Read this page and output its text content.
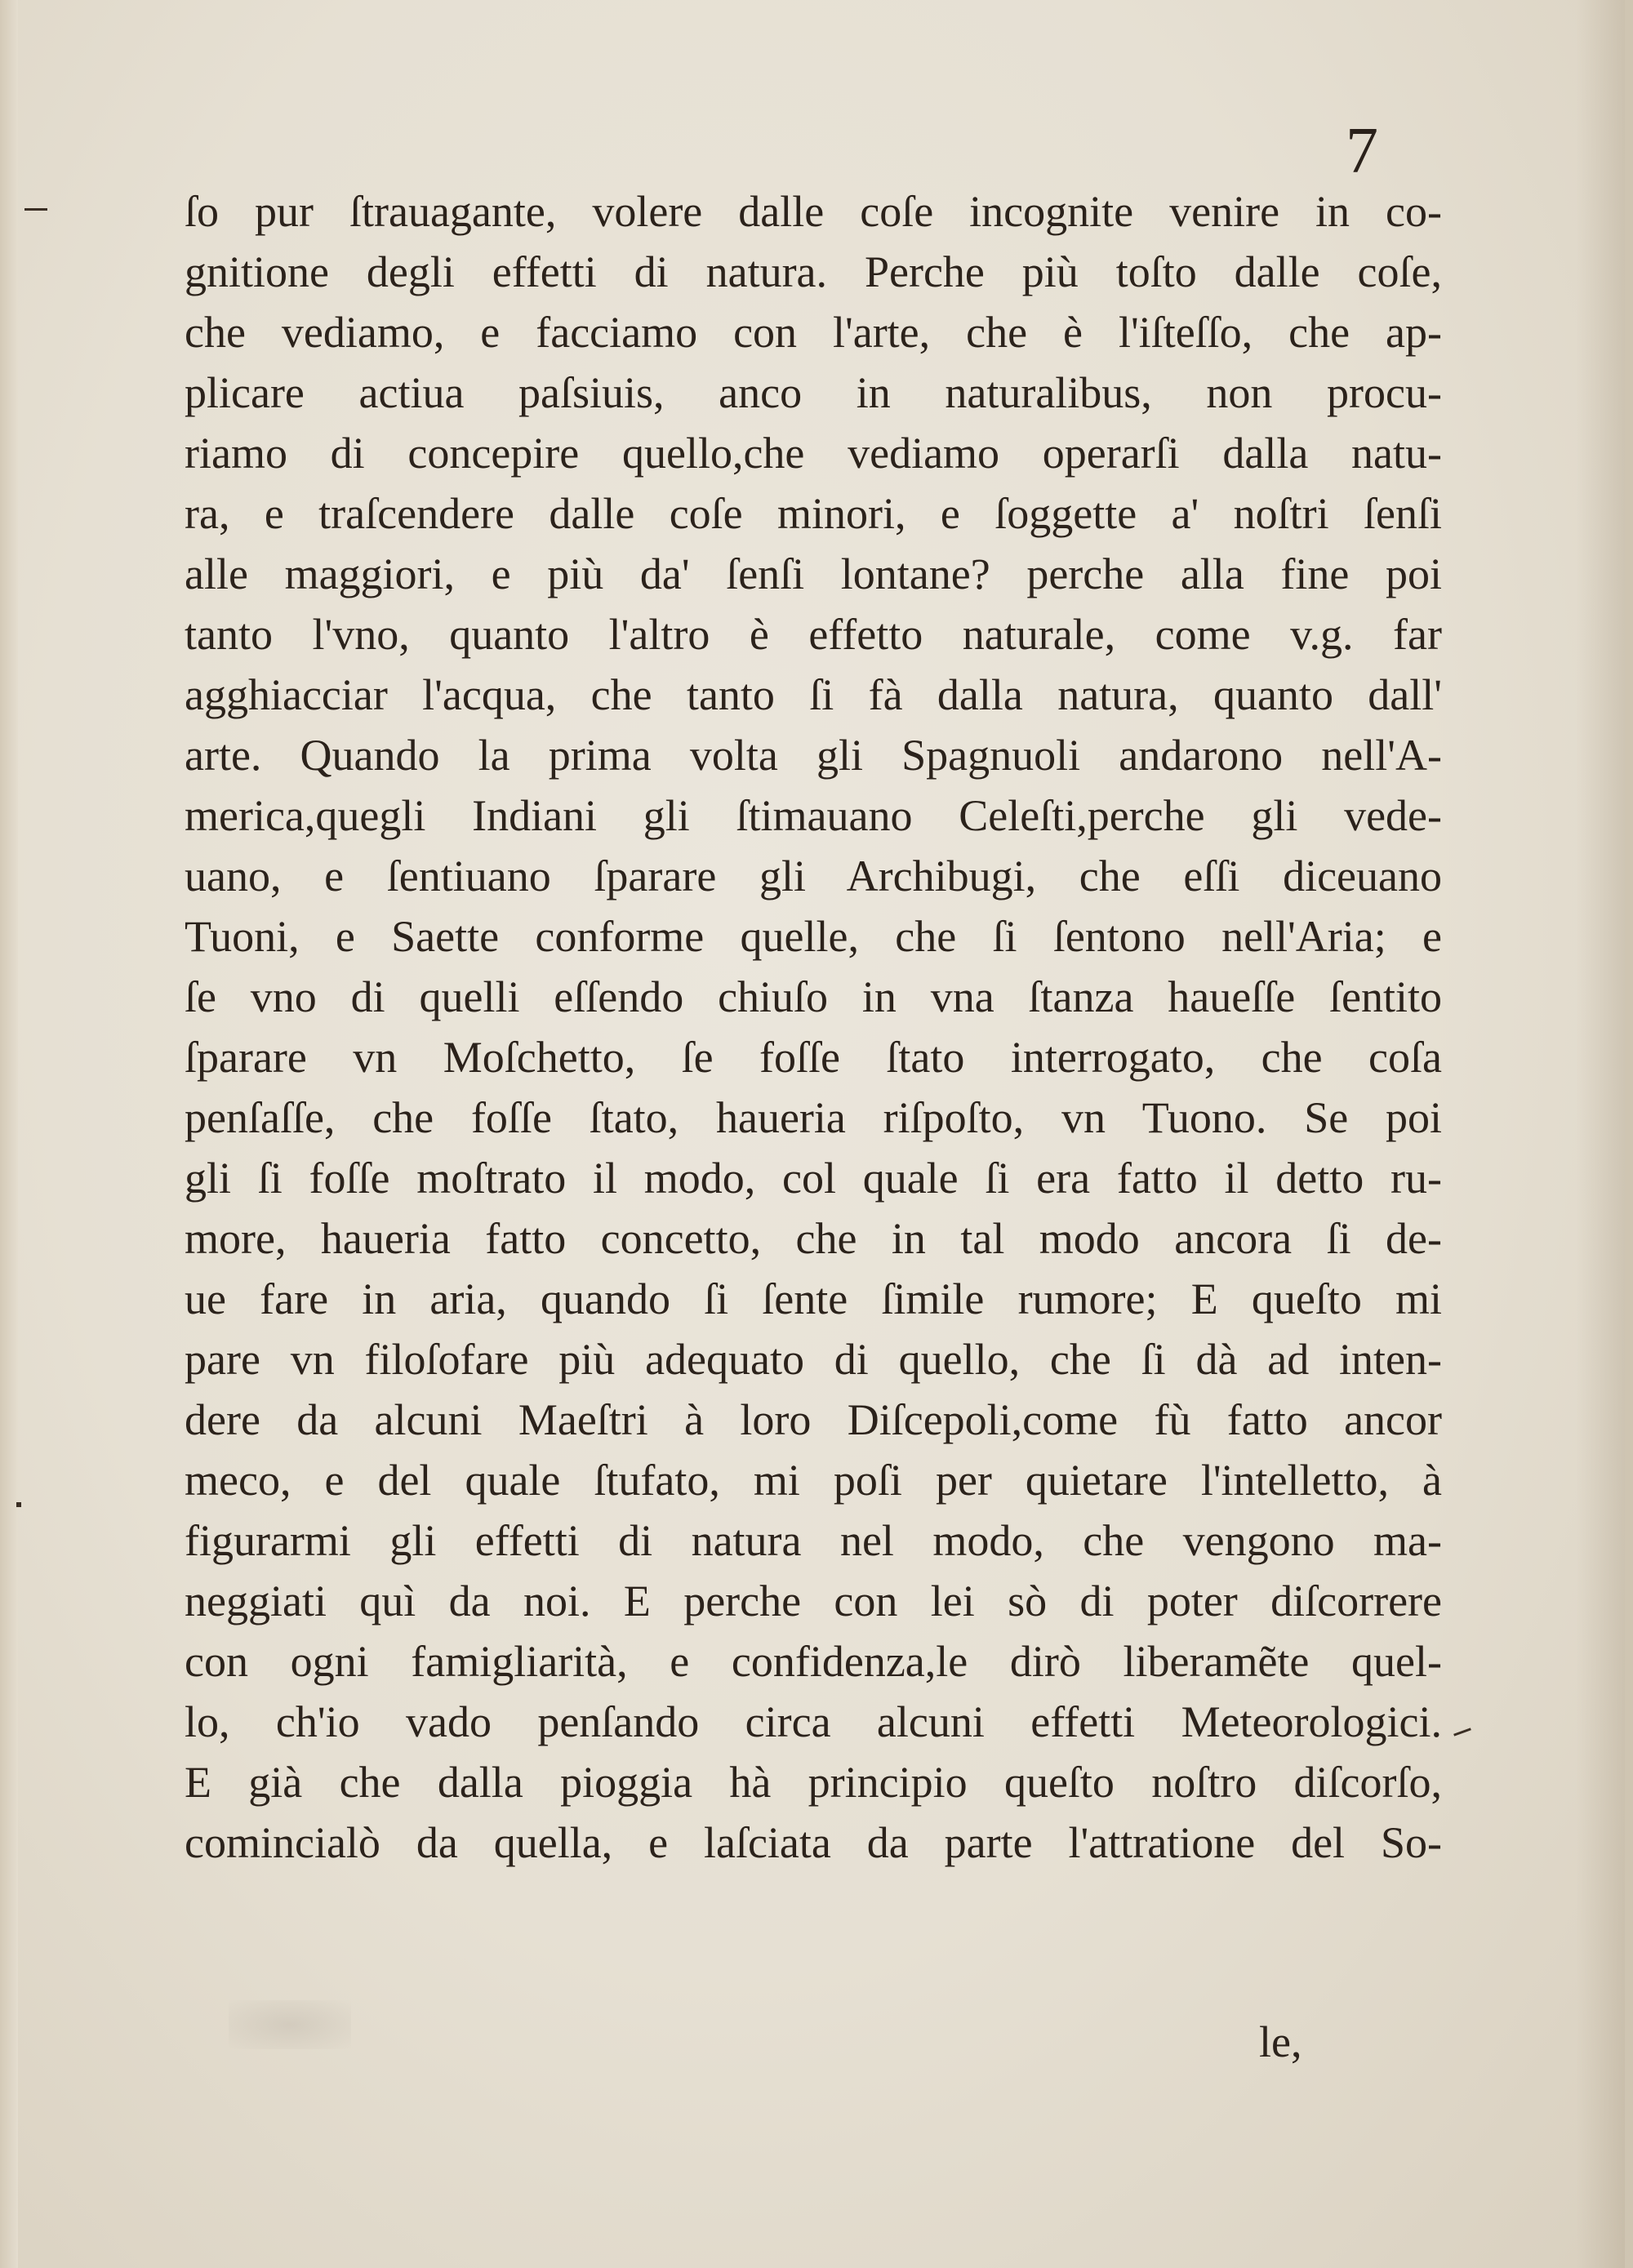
7

ſo pur ſtrauagante, volere dalle coſe incognite venire in co-
gnitione degli effetti di natura. Perche più toſto dalle coſe,
che vediamo, e facciamo con l'arte, che è l'iſteſſo, che ap-
plicare actiua paſsiuis, anco in naturalibus, non procu-
riamo di concepire quello,che vediamo operarſi dalla natu-
ra, e traſcendere dalle coſe minori, e ſoggette a' noſtri ſenſi
alle maggiori, e più da' ſenſi lontane? perche alla fine poi
tanto l'vno, quanto l'altro è effetto naturale, come v.g. far
agghiacciar l'acqua, che tanto ſi fà dalla natura, quanto dall'
arte. Quando la prima volta gli Spagnuoli andarono nell'A-
merica,quegli Indiani gli ſtimauano Celeſti,perche gli vede-
uano, e ſentiuano ſparare gli Archibugi, che eſſi diceuano
Tuoni, e Saette conforme quelle, che ſi ſentono nell'Aria; e
ſe vno di quelli eſſendo chiuſo in vna ſtanza haueſſe ſentito
ſparare vn Moſchetto, ſe foſſe ſtato interrogato, che coſa
penſaſſe, che foſſe ſtato, haueria riſpoſto, vn Tuono. Se poi
gli ſi foſſe moſtrato il modo, col quale ſi era fatto il detto ru-
more, haueria fatto concetto, che in tal modo ancora ſi de-
ue fare in aria, quando ſi ſente ſimile rumore; E queſto mi
pare vn filoſofare più adequato di quello, che ſi dà ad inten-
dere da alcuni Maeſtri à loro Diſcepoli,come fù fatto ancor
meco, e del quale ſtufato, mi poſi per quietare l'intelletto, à
figurarmi gli effetti di natura nel modo, che vengono ma-
neggiati quì da noi. E perche con lei sò di poter diſcorrere
con ogni famigliarità, e confidenza,le dirò liberamẽte quel-
lo, ch'io vado penſando circa alcuni effetti Meteorologici.
E già che dalla pioggia hà principio queſto noſtro diſcorſo,
comincialò da quella, e laſciata da parte l'attratione del So-

le,
